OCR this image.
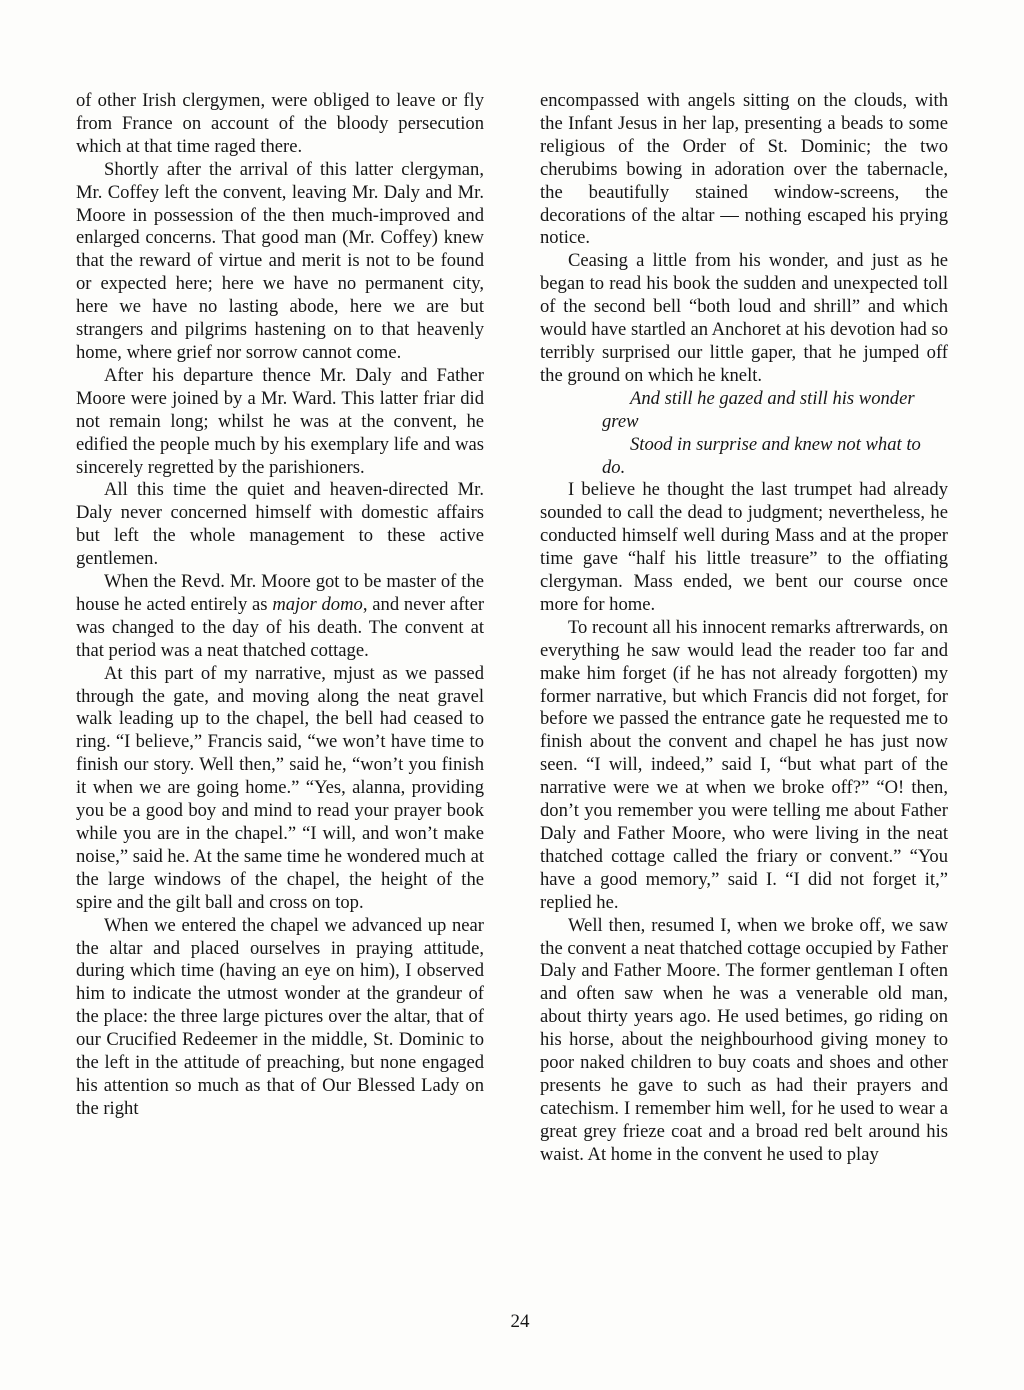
of other Irish clergymen, were obliged to leave or fly from France on account of the bloody persecution which at that time raged there.

Shortly after the arrival of this latter clergyman, Mr. Coffey left the convent, leaving Mr. Daly and Mr. Moore in possession of the then much-improved and enlarged concerns. That good man (Mr. Coffey) knew that the reward of virtue and merit is not to be found or expected here; here we have no permanent city, here we have no lasting abode, here we are but strangers and pilgrims hastening on to that heavenly home, where grief nor sorrow cannot come.

After his departure thence Mr. Daly and Father Moore were joined by a Mr. Ward. This latter friar did not remain long; whilst he was at the convent, he edified the people much by his exemplary life and was sincerely regretted by the parishioners.

All this time the quiet and heaven-directed Mr. Daly never concerned himself with domestic affairs but left the whole management to these active gentlemen.

When the Revd. Mr. Moore got to be master of the house he acted entirely as major domo, and never after was changed to the day of his death. The convent at that period was a neat thatched cottage.

At this part of my narrative, mjust as we passed through the gate, and moving along the neat gravel walk leading up to the chapel, the bell had ceased to ring. “I believe,” Francis said, “we won’t have time to finish our story. Well then,” said he, “won’t you finish it when we are going home.” “Yes, alanna, providing you be a good boy and mind to read your prayer book while you are in the chapel.” “I will, and won’t make noise,” said he. At the same time he wondered much at the large windows of the chapel, the height of the spire and the gilt ball and cross on top.

When we entered the chapel we advanced up near the altar and placed ourselves in praying attitude, during which time (having an eye on him), I observed him to indicate the utmost wonder at the grandeur of the place: the three large pictures over the altar, that of our Crucified Redeemer in the middle, St. Dominic to the left in the attitude of preaching, but none engaged his attention so much as that of Our Blessed Lady on the right

encompassed with angels sitting on the clouds, with the Infant Jesus in her lap, presenting a beads to some religious of the Order of St. Dominic; the two cherubims bowing in adoration over the tabernacle, the beautifully stained window-screens, the decorations of the altar — nothing escaped his prying notice.

Ceasing a little from his wonder, and just as he began to read his book the sudden and unexpected toll of the second bell “both loud and shrill” and which would have startled an Anchoret at his devotion had so terribly surprised our little gaper, that he jumped off the ground on which he knelt.

And still he gazed and still his wonder grew

Stood in surprise and knew not what to do.

I believe he thought the last trumpet had already sounded to call the dead to judgment; nevertheless, he conducted himself well during Mass and at the proper time gave “half his little treasure” to the offiating clergyman. Mass ended, we bent our course once more for home.

To recount all his innocent remarks aftrerwards, on everything he saw would lead the reader too far and make him forget (if he has not already forgotten) my former narrative, but which Francis did not forget, for before we passed the entrance gate he requested me to finish about the convent and chapel he has just now seen. “I will, indeed,” said I, “but what part of the narrative were we at when we broke off?” “O! then, don’t you remember you were telling me about Father Daly and Father Moore, who were living in the neat thatched cottage called the friary or convent.” “You have a good memory,” said I. “I did not forget it,” replied he.

Well then, resumed I, when we broke off, we saw the convent a neat thatched cottage occupied by Father Daly and Father Moore. The former gentleman I often and often saw when he was a venerable old man, about thirty years ago. He used betimes, go riding on his horse, about the neighbourhood giving money to poor naked children to buy coats and shoes and other presents he gave to such as had their prayers and catechism. I remember him well, for he used to wear a great grey frieze coat and a broad red belt around his waist. At home in the convent he used to play

24
